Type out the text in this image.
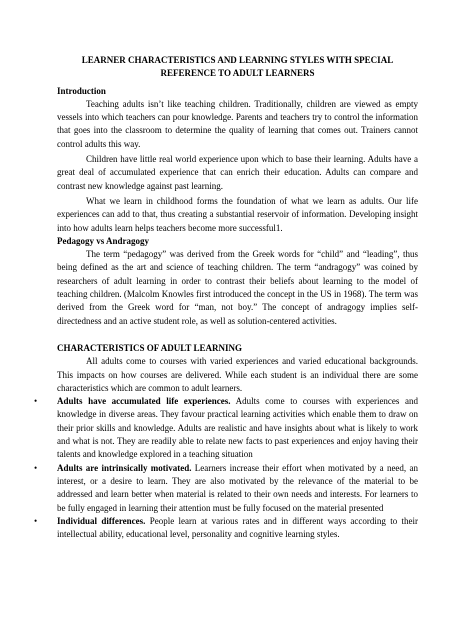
LEARNER CHARACTERISTICS AND LEARNING STYLES WITH SPECIAL REFERENCE TO ADULT LEARNERS

Introduction

Teaching adults isn’t like teaching children. Traditionally, children are viewed as empty vessels into which teachers can pour knowledge. Parents and teachers try to control the information that goes into the classroom to determine the quality of learning that comes out. Trainers cannot control adults this way.

Children have little real world experience upon which to base their learning. Adults have a great deal of accumulated experience that can enrich their education. Adults can compare and contrast new knowledge against past learning.

What we learn in childhood forms the foundation of what we learn as adults. Our life experiences can add to that, thus creating a substantial reservoir of information. Developing insight into how adults learn helps teachers become more successful1.

Pedagogy vs Andragogy

The term “pedagogy” was derived from the Greek words for “child” and “leading”, thus being defined as the art and science of teaching children. The term “andragogy” was coined by researchers of adult learning in order to contrast their beliefs about learning to the model of teaching children. (Malcolm Knowles first introduced the concept in the US in 1968). The term was derived from the Greek word for “man, not boy.” The concept of andragogy implies self-directedness and an active student role, as well as solution-centered activities.

CHARACTERISTICS OF ADULT LEARNING

All adults come to courses with varied experiences and varied educational backgrounds. This impacts on how courses are delivered. While each student is an individual there are some characteristics which are common to adult learners.

• Adults have accumulated life experiences. Adults come to courses with experiences and knowledge in diverse areas. They favour practical learning activities which enable them to draw on their prior skills and knowledge. Adults are realistic and have insights about what is likely to work and what is not. They are readily able to relate new facts to past experiences and enjoy having their talents and knowledge explored in a teaching situation
• Adults are intrinsically motivated. Learners increase their effort when motivated by a need, an interest, or a desire to learn. They are also motivated by the relevance of the material to be addressed and learn better when material is related to their own needs and interests. For learners to be fully engaged in learning their attention must be fully focused on the material presented
• Individual differences. People learn at various rates and in different ways according to their intellectual ability, educational level, personality and cognitive learning styles.
